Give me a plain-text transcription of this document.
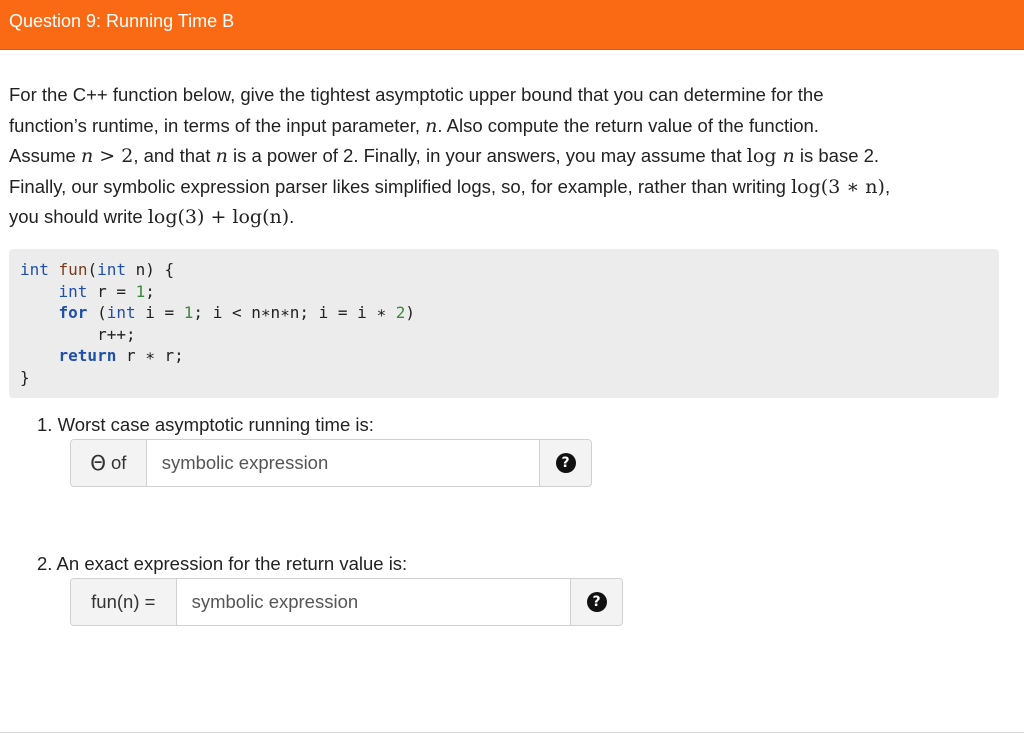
Question 9: Running Time B
For the C++ function below, give the tightest asymptotic upper bound that you can determine for the
function’s runtime, in terms of the input parameter, n. Also compute the return value of the function.
Assume n > 2, and that n is a power of 2. Finally, in your answers, you may assume that log n is base 2.
Finally, our symbolic expression parser likes simplified logs, so, for example, rather than writing log(3 ∗ n),
you should write log(3) + log(n).
int fun(int n) {
int r = 1;
for (int i = 1; i < n∗n∗n; i = i ∗ 2)
r++;
return r ∗ r;
}
1. Worst case asymptotic running time is:
Θ of
symbolic expression	?
2. An exact expression for the return value is:
fun(n) =
symbolic expression	?
